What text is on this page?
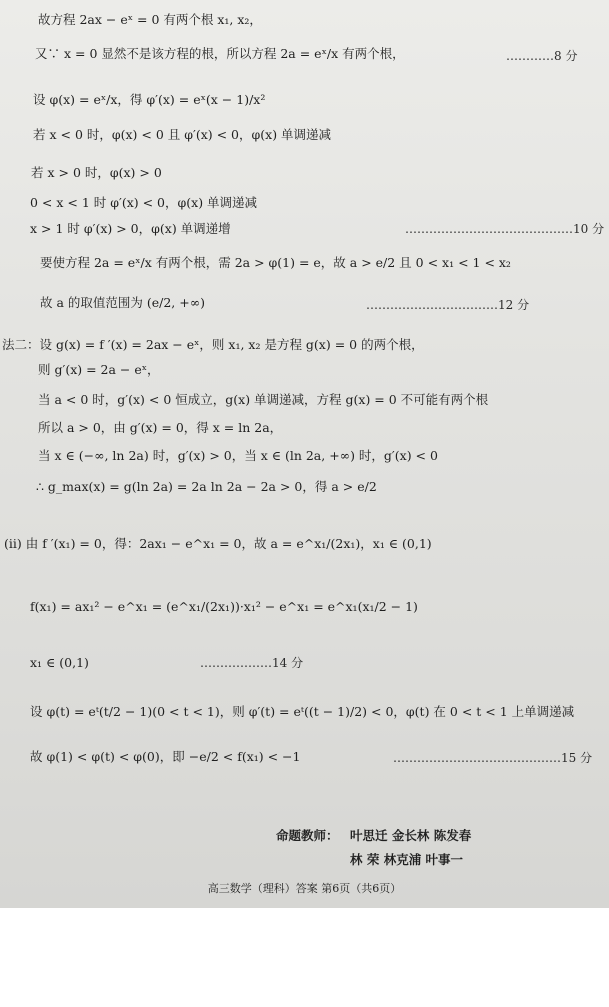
故方程 2ax − eˣ = 0 有两个根 x₁, x₂，
又∵ x = 0 显然不是该方程的根，所以方程 2a = eˣ/x 有两个根，	…………8 分
设 φ(x) = eˣ/x，得 φ′(x) = eˣ(x − 1)/x²
若 x < 0 时，φ(x) < 0 且 φ′(x) < 0，φ(x) 单调递减
若 x > 0 时，φ(x) > 0
0 < x < 1 时 φ′(x) < 0，φ(x) 单调递减
x > 1 时 φ′(x) > 0，φ(x) 单调递增	……………………………………10 分
要使方程 2a = eˣ/x 有两个根，需 2a > φ(1) = e，故 a > e/2 且 0 < x₁ < 1 < x₂
故 a 的取值范围为 (e/2, +∞)	……………………………12 分
法二：设 g(x) = f ′(x) = 2ax − eˣ，则 x₁, x₂ 是方程 g(x) = 0 的两个根，
则 g′(x) = 2a − eˣ，
当 a < 0 时，g′(x) < 0 恒成立，g(x) 单调递减，方程 g(x) = 0 不可能有两个根
所以 a > 0，由 g′(x) = 0，得 x = ln 2a，
当 x ∈ (−∞, ln 2a) 时，g′(x) > 0，当 x ∈ (ln 2a, +∞) 时，g′(x) < 0
∴ g_max(x) = g(ln 2a) = 2a ln 2a − 2a > 0，得 a > e/2
(ii) 由 f ′(x₁) = 0，得：2ax₁ − e^x₁ = 0，故 a = e^x₁/(2x₁)，x₁ ∈ (0,1)
f(x₁) = ax₁² − e^x₁ = (e^x₁/(2x₁))·x₁² − e^x₁ = e^x₁(x₁/2 − 1)
x₁ ∈ (0,1)	………………14 分
设 φ(t) = eᵗ(t/2 − 1)(0 < t < 1)，则 φ′(t) = eᵗ((t − 1)/2) < 0，φ(t) 在 0 < t < 1 上单调递减
故 φ(1) < φ(t) < φ(0)，即 −e/2 < f(x₁) < −1	……………………………………15 分
命题教师： 叶思迁 金长林 陈发春
林 荣 林克浦 叶事一
高三数学（理科）答案 第6页（共6页）
